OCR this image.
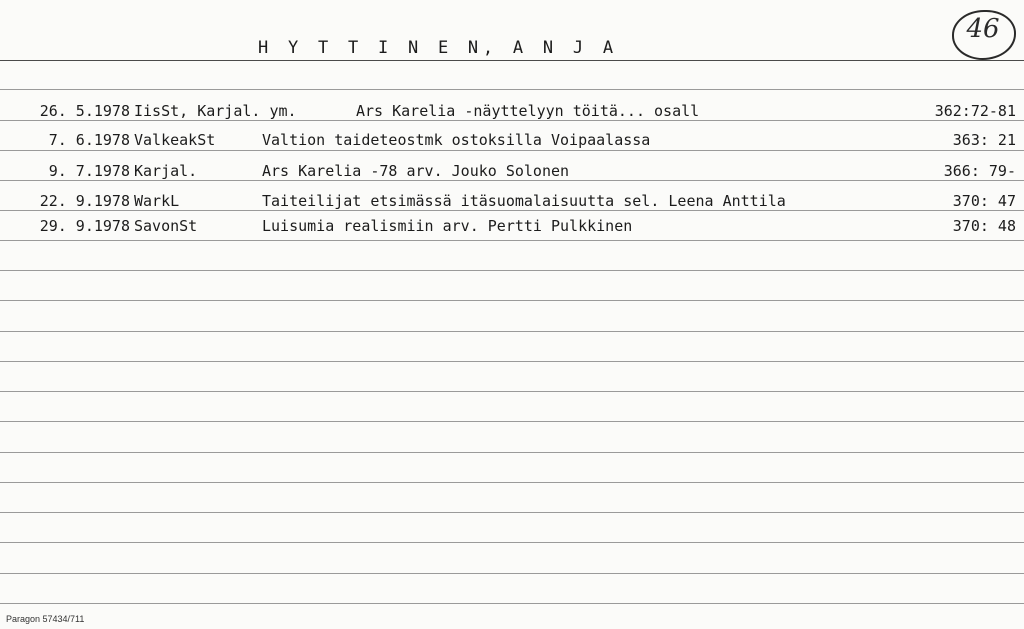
H Y T T I N E N, A N J A
46
26. 5.1978 IisSt, Karjal. ym.	Ars Karelia -näyttelyyn töitä... osall	362:72-81
7. 6.1978 ValkeakSt	Valtion taideteostmk ostoksilla Voipaalassa	363: 21
9. 7.1978 Karjal.	Ars Karelia -78 arv. Jouko Solonen	366: 79-
22. 9.1978 WarkL	Taiteilijat etsimässä itäsuomalaisuutta sel. Leena Anttila	370: 47
29. 9.1978 SavonSt	Luisumia realismiin arv. Pertti Pulkkinen	370: 48
Paragon 57434/711
